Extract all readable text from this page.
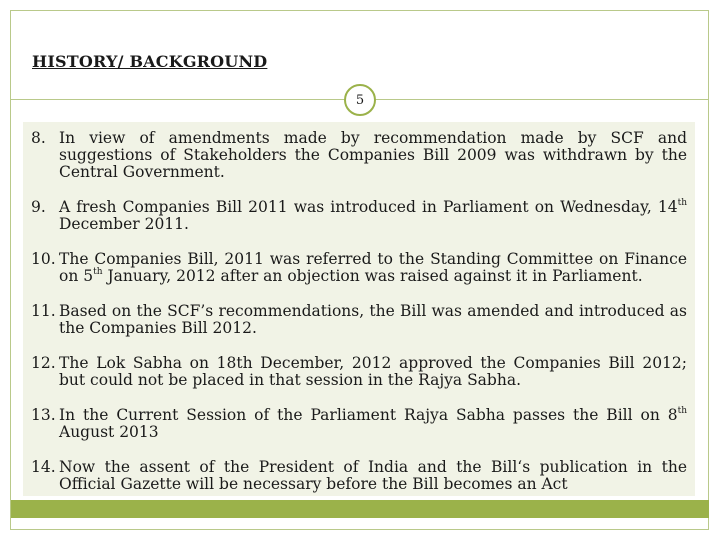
HISTORY/ BACKGROUND
5
8. In view of amendments made by recommendation made by SCF and suggestions of Stakeholders the Companies Bill 2009 was withdrawn by the Central Government.
9. A fresh Companies Bill 2011 was introduced in Parliament on Wednesday, 14th December 2011.
10. The Companies Bill, 2011 was referred to the Standing Committee on Finance on 5th January, 2012 after an objection was raised against it in Parliament.
11. Based on the SCF’s recommendations, the Bill was amended and introduced as the Companies Bill 2012.
12. The Lok Sabha on 18th December, 2012 approved the Companies Bill 2012; but could not be placed in that session in the Rajya Sabha.
13. In the Current Session of the Parliament Rajya Sabha passes the Bill on 8th August 2013
14. Now the assent of the President of India and the Bill‘s publication in the Official Gazette will be necessary before the Bill becomes an Act
